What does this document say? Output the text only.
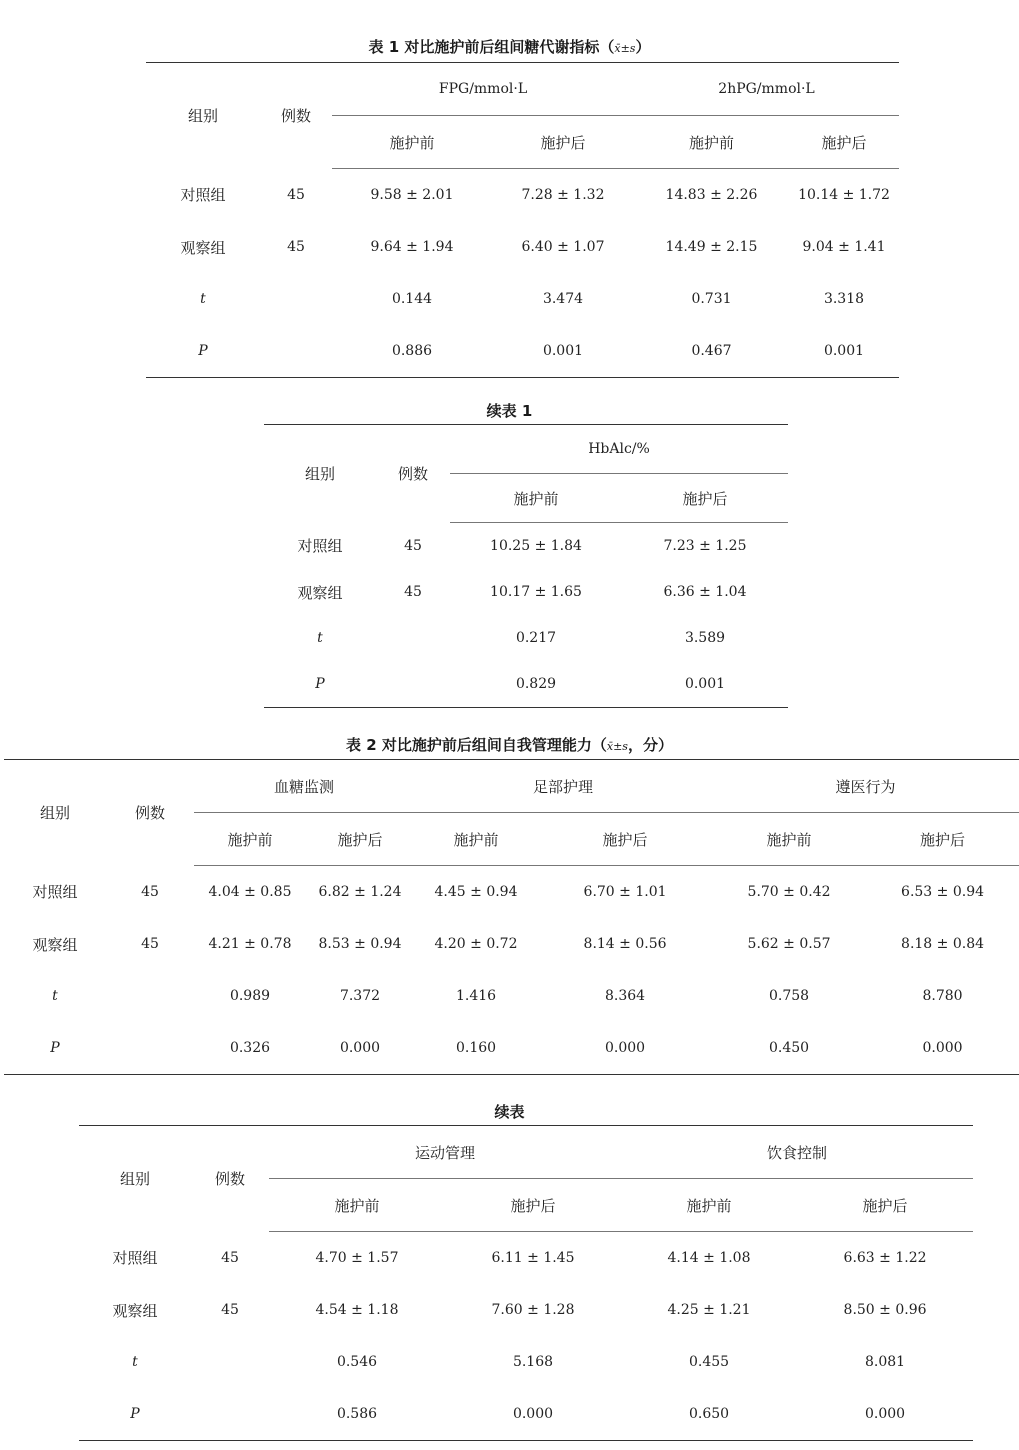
表 1 对比施护前后组间糖代谢指标（x̄±s）
组别	例数	FPG/mmol·L		2hPG/mmol·L	
		施护前	施护后	施护前	施护后
对照组	45	9.58 ± 2.01	7.28 ± 1.32	14.83 ± 2.26	10.14 ± 1.72
观察组	45	9.64 ± 1.94	6.40 ± 1.07	14.49 ± 2.15	9.04 ± 1.41
t		0.144	3.474	0.731	3.318
P		0.886	0.001	0.467	0.001
续表 1
组别	例数	HbAlc/%	
		施护前	施护后
对照组	45	10.25 ± 1.84	7.23 ± 1.25
观察组	45	10.17 ± 1.65	6.36 ± 1.04
t		0.217	3.589
P		0.829	0.001
表 2 对比施护前后组间自我管理能力（x̄±s，分）
组别	例数	血糖监测		足部护理		遵医行为	
		施护前	施护后	施护前	施护后	施护前	施护后
对照组	45	4.04 ± 0.85	6.82 ± 1.24	4.45 ± 0.94	6.70 ± 1.01	5.70 ± 0.42	6.53 ± 0.94
观察组	45	4.21 ± 0.78	8.53 ± 0.94	4.20 ± 0.72	8.14 ± 0.56	5.62 ± 0.57	8.18 ± 0.84
t		0.989	7.372	1.416	8.364	0.758	8.780
P		0.326	0.000	0.160	0.000	0.450	0.000
续表
组别	例数	运动管理		饮食控制	
		施护前	施护后	施护前	施护后
对照组	45	4.70 ± 1.57	6.11 ± 1.45	4.14 ± 1.08	6.63 ± 1.22
观察组	45	4.54 ± 1.18	7.60 ± 1.28	4.25 ± 1.21	8.50 ± 0.96
t		0.546	5.168	0.455	8.081
P		0.586	0.000	0.650	0.000
